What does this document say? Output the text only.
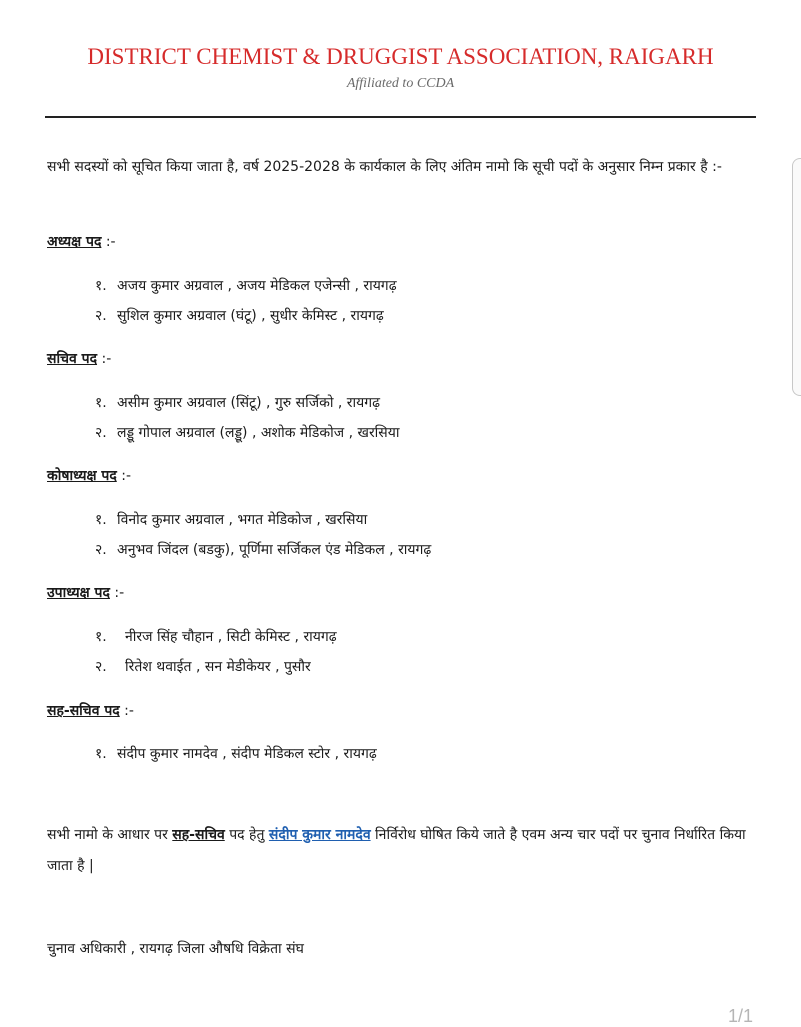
DISTRICT CHEMIST & DRUGGIST ASSOCIATION, RAIGARH
Affiliated to CCDA
सभी सदस्यों को सूचित किया जाता है, वर्ष 2025-2028 के कार्यकाल के लिए अंतिम नामो कि सूची पदों के अनुसार निम्न प्रकार है :-
अध्यक्ष पद :-
१. अजय कुमार अग्रवाल , अजय मेडिकल एजेन्सी , रायगढ़
२. सुशिल कुमार अग्रवाल (घंटू) , सुधीर केमिस्ट , रायगढ़
सचिव पद :-
१. असीम कुमार अग्रवाल (सिंटू) , गुरु सर्जिको , रायगढ़
२. लड्डू गोपाल अग्रवाल (लड्डू) , अशोक मेडिकोज , खरसिया
कोषाध्यक्ष पद :-
१. विनोद कुमार अग्रवाल , भगत मेडिकोज , खरसिया
२. अनुभव जिंदल (बडकु), पूर्णिमा सर्जिकल एंड मेडिकल , रायगढ़
उपाध्यक्ष पद :-
१. नीरज सिंह चौहान , सिटी केमिस्ट , रायगढ़
२. रितेश थवाईत , सन मेडीकेयर , पुसौर
सह-सचिव पद :-
१. संदीप कुमार नामदेव , संदीप मेडिकल स्टोर , रायगढ़
सभी नामो के आधार पर सह-सचिव पद हेतु संदीप कुमार नामदेव निर्विरोध घोषित किये जाते है एवम अन्य चार पदों पर चुनाव निर्धारित किया जाता है |
चुनाव अधिकारी , रायगढ़ जिला औषधि विक्रेता संघ
1/1
